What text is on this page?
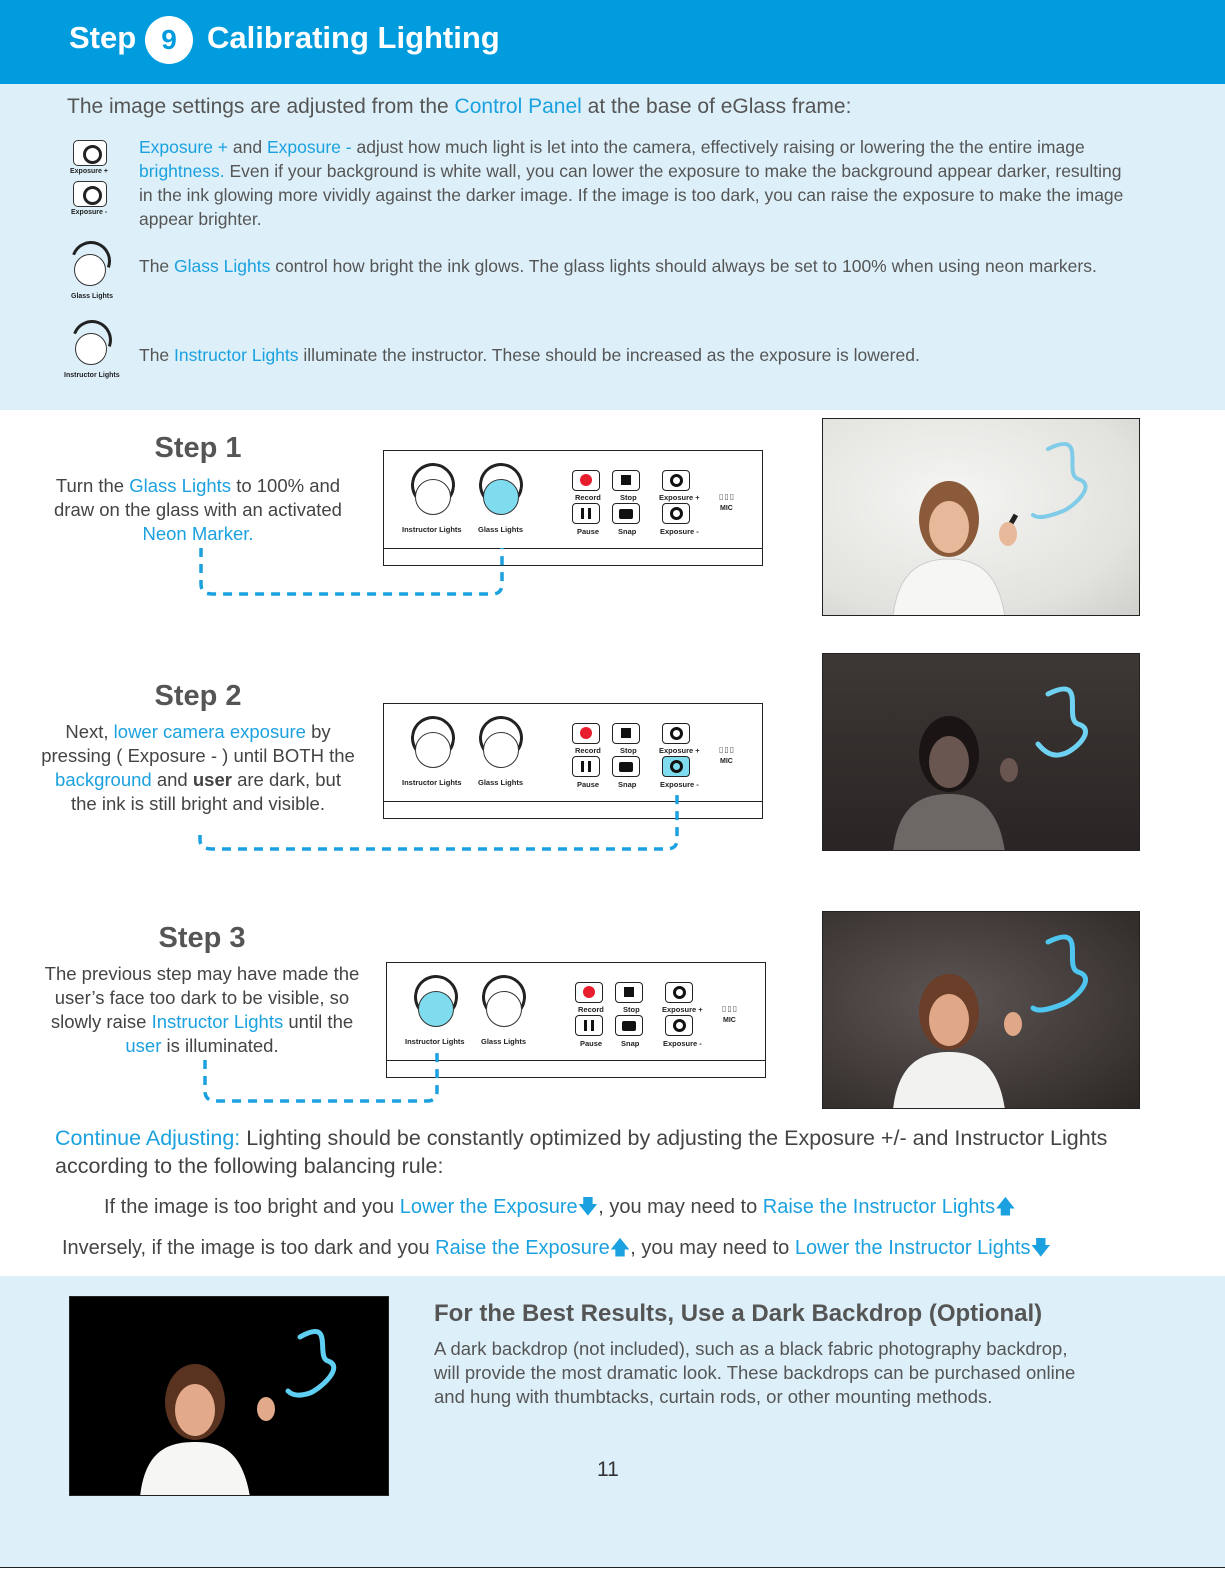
Step 9 Calibrating Lighting
The image settings are adjusted from the Control Panel at the base of eGlass frame:
Exposure +
Exposure -
Glass Lights
Instructor Lights
Exposure + and Exposure - adjust how much light is let into the camera, effectively raising or lowering the the entire image brightness. Even if your background is white wall, you can lower the exposure to make the background appear darker, resulting in the ink glowing more vividly against the darker image. If the image is too dark, you can raise the exposure to make the image appear brighter.
The Glass Lights control how bright the ink glows. The glass lights should always be set to 100% when using neon markers.
The Instructor Lights illuminate the instructor. These should be increased as the exposure is lowered.
Step 1
Turn the Glass Lights to 100% and draw on the glass with an activated Neon Marker.	Instructor Lights Glass Lights
Record	Stop
Pause	Snap
Exposure +
Exposure -
▯▯▯
MIC
Step 2
Next, lower camera exposure by pressing ( Exposure - ) until BOTH the background and user are dark, but the ink is still bright and visible.
Instructor Lights Glass Lights
Record	Stop
Pause	Snap
Exposure +
Exposure -
▯▯▯
MIC
Step 3
The previous step may have made the user’s face too dark to be visible, so slowly raise Instructor Lights until the user is illuminated.	Instructor Lights Glass Lights
Record	Stop
Pause	Snap
Exposure +
Exposure -
▯▯▯
MIC
Continue Adjusting: Lighting should be constantly optimized by adjusting the Exposure +/- and Instructor Lights according to the following balancing rule:
If the image is too bright and you Lower the Exposure🡇, you may need to Raise the Instructor Lights🡅
Inversely, if the image is too dark and you Raise the Exposure🡅, you may need to Lower the Instructor Lights🡇
For the Best Results, Use a Dark Backdrop (Optional)
A dark backdrop (not included), such as a black fabric photography backdrop, will provide the most dramatic look. These backdrops can be purchased online and hung with thumbtacks, curtain rods, or other mounting methods.
11
